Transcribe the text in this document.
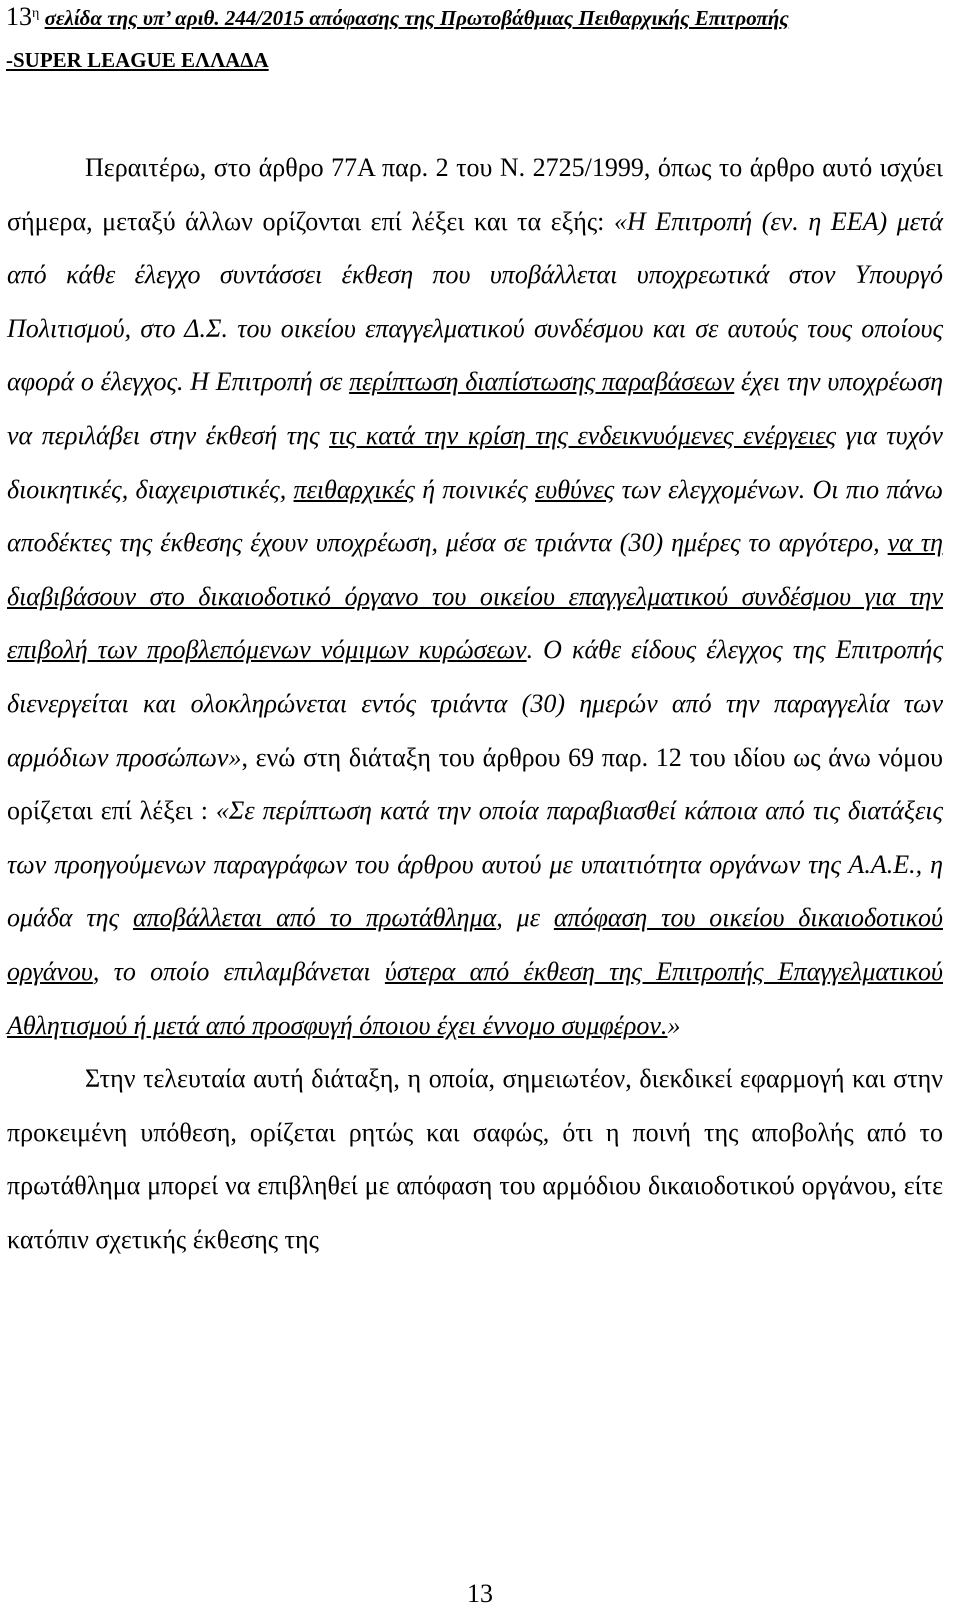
$13^\eta$ σελίδα της υπ’ αριθ. 244/2015 απόφασης της Πρωτοβάθμιας Πειθαρχικής Επιτροπής
-SUPER LEAGUE ΕΛΛΑΔΑ

Περαιτέρω, στο άρθρο 77Α παρ. 2 του Ν. 2725/1999, όπως το άρθρο αυτό ισχύει σήμερα, μεταξύ άλλων ορίζονται επί λέξει και τα εξής: «Η Επιτροπή (εν. η ΕΕΑ) μετά από κάθε έλεγχο συντάσσει έκθεση που υποβάλλεται υποχρεωτικά στον Υπουργό Πολιτισμού, στο Δ.Σ. του οικείου επαγγελματικού συνδέσμου και σε αυτούς τους οποίους αφορά ο έλεγχος. Η Επιτροπή σε περίπτωση διαπίστωσης παραβάσεων έχει την υποχρέωση να περιλάβει στην έκθεσή της τις κατά την κρίση της ενδεικνυόμενες ενέργειες για τυχόν διοικητικές, διαχειριστικές, πειθαρχικές ή ποινικές ευθύνες των ελεγχομένων. Οι πιο πάνω αποδέκτες της έκθεσης έχουν υποχρέωση, μέσα σε τριάντα (30) ημέρες το αργότερο, να τη διαβιβάσουν στο δικαιοδοτικό όργανο του οικείου επαγγελματικού συνδέσμου για την επιβολή των προβλεπόμενων νόμιμων κυρώσεων. Ο κάθε είδους έλεγχος της Επιτροπής διενεργείται και ολοκληρώνεται εντός τριάντα (30) ημερών από την παραγγελία των αρμόδιων προσώπων», ενώ στη διάταξη του άρθρου 69 παρ. 12 του ιδίου ως άνω νόμου ορίζεται επί λέξει : «Σε περίπτωση κατά την οποία παραβιασθεί κάποια από τις διατάξεις των προηγούμενων παραγράφων του άρθρου αυτού με υπαιτιότητα οργάνων της Α.Α.Ε., η ομάδα της αποβάλλεται από το πρωτάθλημα, με απόφαση του οικείου δικαιοδοτικού οργάνου, το οποίο επιλαμβάνεται ύστερα από έκθεση της Επιτροπής Επαγγελματικού Αθλητισμού ή μετά από προσφυγή όποιου έχει έννομο συμφέρον.»

Στην τελευταία αυτή διάταξη, η οποία, σημειωτέον, διεκδικεί εφαρμογή και στην προκειμένη υπόθεση, ορίζεται ρητώς και σαφώς, ότι η ποινή της αποβολής από το πρωτάθλημα μπορεί να επιβληθεί με απόφαση του αρμόδιου δικαιοδοτικού οργάνου, είτε κατόπιν σχετικής έκθεσης της

13
